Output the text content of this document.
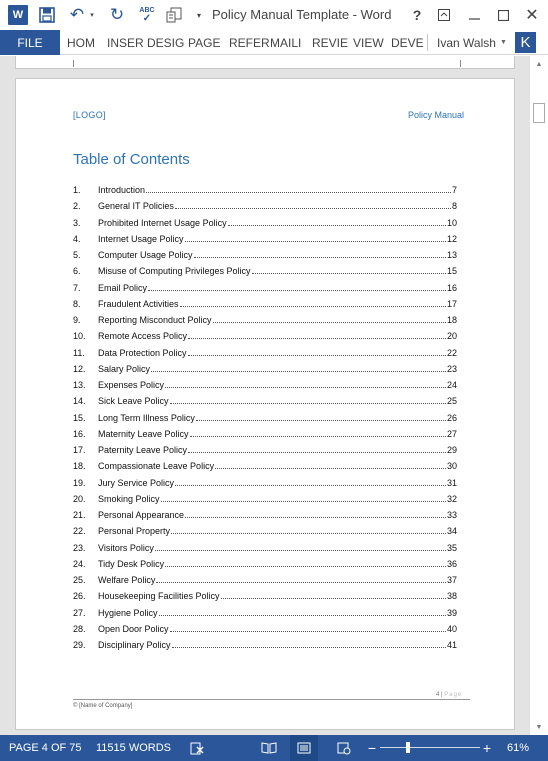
W	↶ ▾ ↻	ABC
✓	▾ Policy Manual Template - Word	?	✕
FILE	HOM INSER DESIG PAGE REFER MAILI REVIE VIEW DEVE Ivan Walsh ▼ K
[LOGO]	Policy Manual
Table of Contents
1.	Introduction	7
2.	General IT Policies	8
3.	Prohibited Internet Usage Policy	10
4.	Internet Usage Policy	12
5.	Computer Usage Policy	13
6.	Misuse of Computing Privileges Policy	15
7.	Email Policy	16
8.	Fraudulent Activities	17
9.	Reporting Misconduct Policy	18
10.	Remote Access Policy	20
11.	Data Protection Policy	22
12.	Salary Policy	23
13.	Expenses Policy	24
14.	Sick Leave Policy	25
15.	Long Term Illness Policy	26
16.	Maternity Leave Policy	27
17.	Paternity Leave Policy	29
18.	Compassionate Leave Policy	30
19.	Jury Service Policy	31
20.	Smoking Policy	32
21.	Personal Appearance	33
22.	Personal Property	34
23.	Visitors Policy	35
24.	Tidy Desk Policy	36
25.	Welfare Policy	37
26.	Housekeeping Facilities Policy	38
27.	Hygiene Policy	39
28.	Open Door Policy	40
29.	Disciplinary Policy	41
4 | Page
© [Name of Company]
▲
▼
PAGE 4 OF 75 11515 WORDS	−	+ 61%
